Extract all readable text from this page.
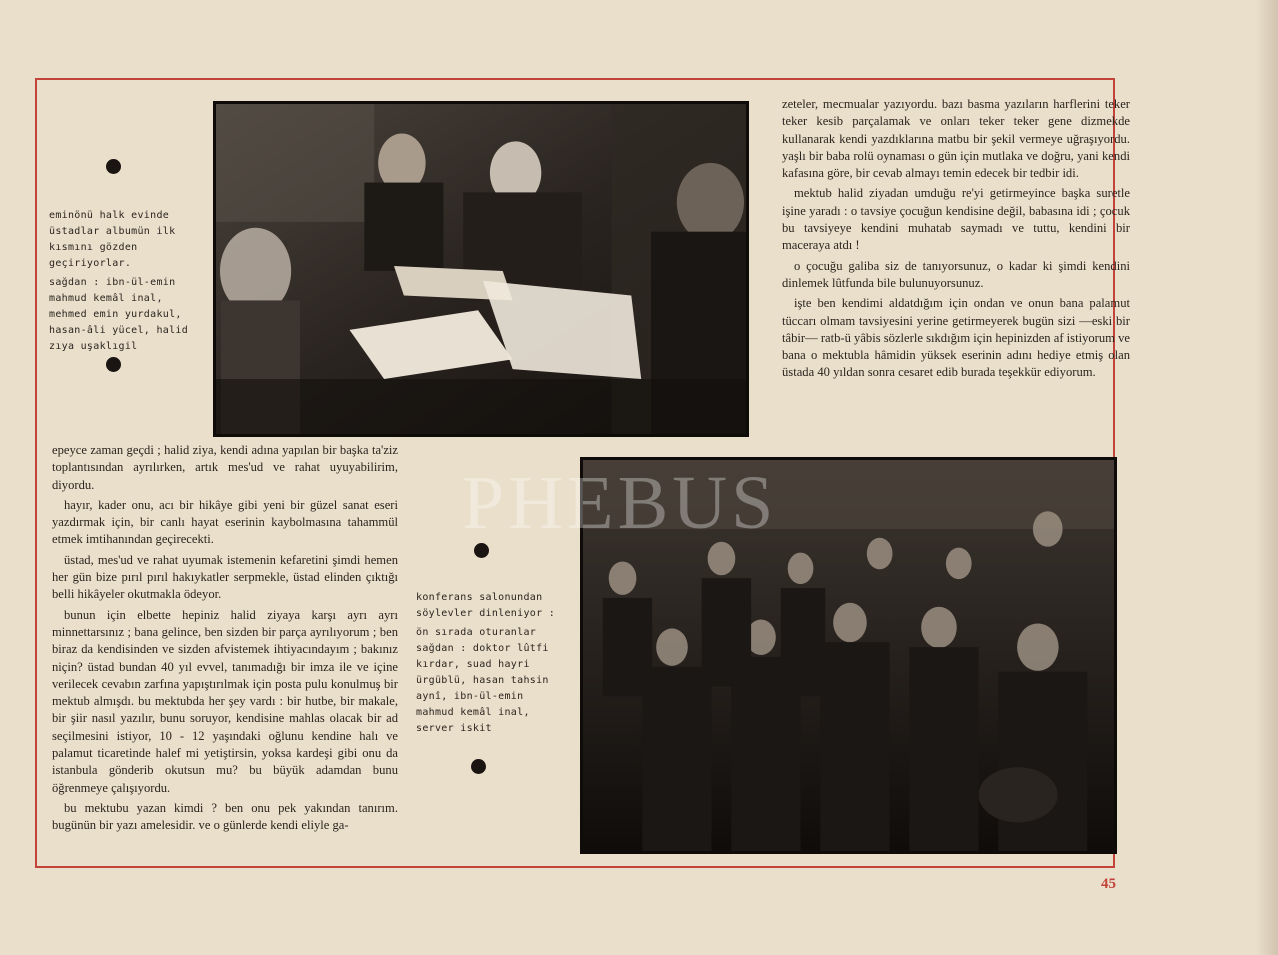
eminönü halk evinde üstadlar albumün ilk kısmını gözden geçiriyorlar.

sağdan : ibn-ül-emin mahmud kemâl inal, mehmed emin yurdakul, hasan-âli yücel, halid zıya uşaklıgil

konferans salonundan söylevler dinleniyor :

ön sırada oturanlar sağdan : doktor lûtfi kırdar, suad hayri ürgüblü, hasan tahsin aynî, ibn-ül-emin mahmud kemâl inal, server iskit

epeyce zaman geçdi ; halid ziya, kendi adına yapılan bir başka ta'ziz toplantısından ayrılırken, artık mes'ud ve rahat uyuyabilirim, diyordu.

hayır, kader onu, acı bir hikâye gibi yeni bir güzel sanat eseri yazdırmak için, bir canlı hayat eserinin kaybolmasına tahammül etmek imtihanından geçirecekti.

üstad, mes'ud ve rahat uyumak istemenin kefaretini şimdi hemen her gün bize pırıl pırıl hakıykatler serpmekle, üstad elinden çıktığı belli hikâyeler okutmakla ödeyor.

bunun için elbette hepiniz halid ziyaya karşı ayrı ayrı minnettarsınız ; bana gelince, ben sizden bir parça ayrılıyorum ; ben biraz da kendisinden ve sizden afvistemek ihtiyacındayım ; bakınız niçin? üstad bundan 40 yıl evvel, tanımadığı bir imza ile ve içine verilecek cevabın zarfına yapıştırılmak için posta pulu konulmuş bir mektub almışdı. bu mektubda her şey vardı : bir hutbe, bir makale, bir şiir nasıl yazılır, bunu soruyor, kendisine mahlas olacak bir ad seçilmesini istiyor, 10 - 12 yaşındaki oğlunu kendine halı ve palamut ticaretinde halef mi yetiştirsin, yoksa kardeşi gibi onu da istanbula gönderib okutsun mu? bu büyük adamdan bunu öğrenmeye çalışıyordu.

bu mektubu yazan kimdi ? ben onu pek yakından tanırım. bugünün bir yazı amelesidir. ve o günlerde kendi eliyle ga-

zeteler, mecmualar yazıyordu. bazı basma yazıların harflerini teker teker kesib parçalamak ve onları teker teker gene dizmekde kullanarak kendi yazdıklarına matbu bir şekil vermeye uğraşıyordu. yaşlı bir baba rolü oynaması o gün için mutlaka ve doğru, yani kendi kafasına göre, bir cevab almayı temin edecek bir tedbir idi.

mektub halid ziyadan umduğu re'yi getirmeyince başka suretle işine yaradı : o tavsiye çocuğun kendisine değil, babasına idi ; çocuk bu tavsiyeye kendini muhatab saymadı ve tuttu, kendini bir maceraya atdı !

o çocuğu galiba siz de tanıyorsunuz, o kadar ki şimdi kendini dinlemek lûtfunda bile bulunuyorsunuz.

işte ben kendimi aldatdığım için ondan ve onun bana palamut tüccarı olmam tavsiyesini yerine getirmeyerek bugün sizi —eski bir tâbir— ratb-ü yâbis sözlerle sıkdığım için hepinizden af istiyorum ve bana o mektubla hâmidin yüksek eserinin adını hediye etmiş olan üstada 40 yıldan sonra cesaret edib burada teşekkür ediyorum.

PHEBUS
45
